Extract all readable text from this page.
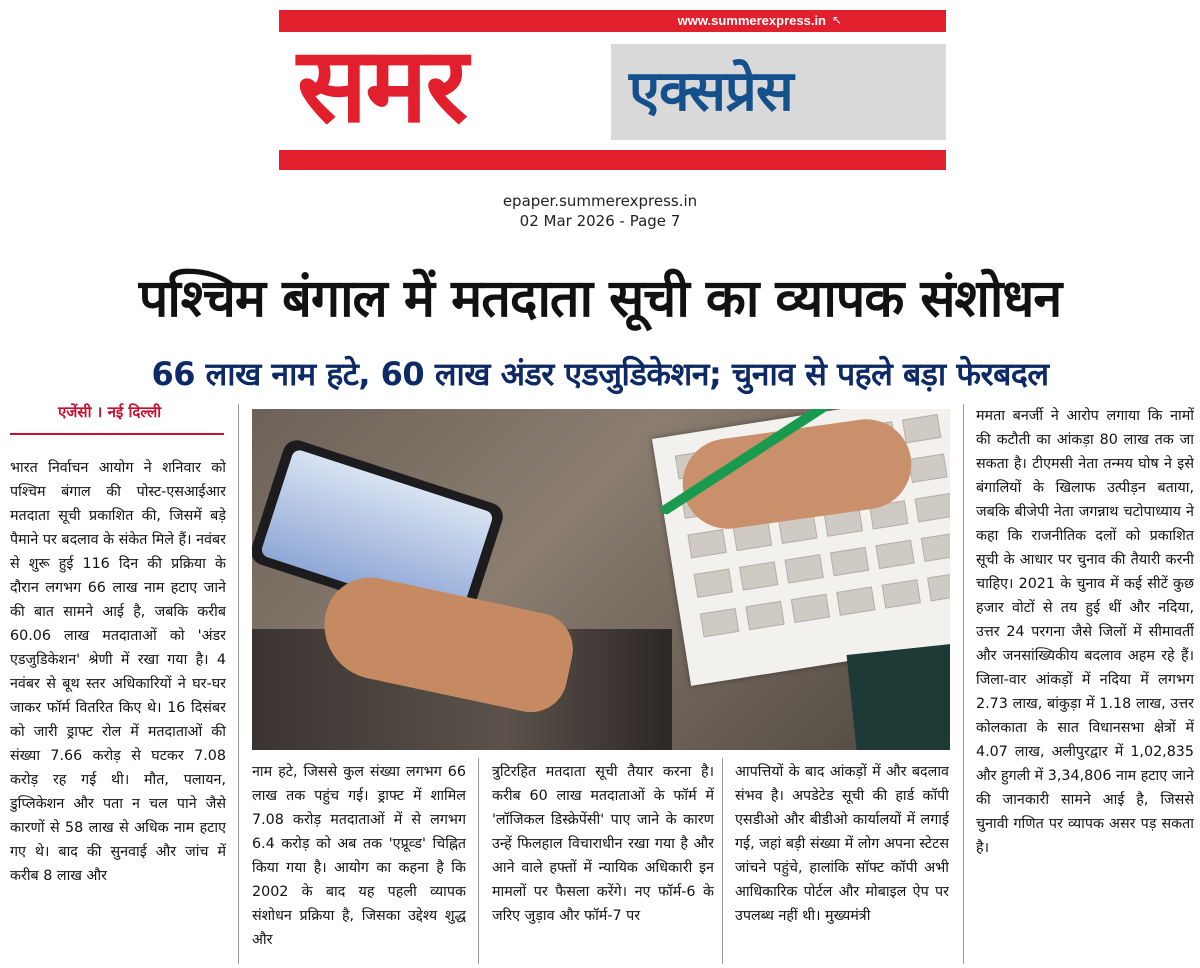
www.summerexpress.in ↖
समर	एक्सप्रेस
epaper.summerexpress.in
02 Mar 2026 - Page 7
पश्चिम बंगाल में मतदाता सूची का व्यापक संशोधन
66 लाख नाम हटे, 60 लाख अंडर एडजुडिकेशन; चुनाव से पहले बड़ा फेरबदल
एजेंसी । नई दिल्ली

भारत निर्वाचन आयोग ने शनिवार को पश्चिम बंगाल की पोस्ट-एसआईआर मतदाता सूची प्रकाशित की, जिसमें बड़े पैमाने पर बदलाव के संकेत मिले हैं। नवंबर से शुरू हुई 116 दिन की प्रक्रिया के दौरान लगभग 66 लाख नाम हटाए जाने की बात सामने आई है, जबकि करीब 60.06 लाख मतदाताओं को 'अंडर एडजुडिकेशन' श्रेणी में रखा गया है। 4 नवंबर से बूथ स्तर अधिकारियों ने घर-घर जाकर फॉर्म वितरित किए थे। 16 दिसंबर को जारी ड्राफ्ट रोल में मतदाताओं की संख्या 7.66 करोड़ से घटकर 7.08 करोड़ रह गई थी। मौत, पलायन, डुप्लिकेशन और पता न चल पाने जैसे कारणों से 58 लाख से अधिक नाम हटाए गए थे। बाद की सुनवाई और जांच में करीब 8 लाख और

नाम हटे, जिससे कुल संख्या लगभग 66 लाख तक पहुंच गई। ड्राफ्ट में शामिल 7.08 करोड़ मतदाताओं में से लगभग 6.4 करोड़ को अब तक 'एप्रूव्ड' चिह्नित किया गया है। आयोग का कहना है कि 2002 के बाद यह पहली व्यापक संशोधन प्रक्रिया है, जिसका उद्देश्य शुद्ध और

त्रुटिरहित मतदाता सूची तैयार करना है। करीब 60 लाख मतदाताओं के फॉर्म में 'लॉजिकल डिस्क्रेपेंसी' पाए जाने के कारण उन्हें फिलहाल विचाराधीन रखा गया है और आने वाले हफ्तों में न्यायिक अधिकारी इन मामलों पर फैसला करेंगे। नए फॉर्म-6 के जरिए जुड़ाव और फॉर्म-7 पर

आपत्तियों के बाद आंकड़ों में और बदलाव संभव है। अपडेटेड सूची की हार्ड कॉपी एसडीओ और बीडीओ कार्यालयों में लगाई गई, जहां बड़ी संख्या में लोग अपना स्टेटस जांचने पहुंचे, हालांकि सॉफ्ट कॉपी अभी आधिकारिक पोर्टल और मोबाइल ऐप पर उपलब्ध नहीं थी। मुख्यमंत्री

ममता बनर्जी ने आरोप लगाया कि नामों की कटौती का आंकड़ा 80 लाख तक जा सकता है। टीएमसी नेता तन्मय घोष ने इसे बंगालियों के खिलाफ उत्पीड़न बताया, जबकि बीजेपी नेता जगन्नाथ चटोपाध्याय ने कहा कि राजनीतिक दलों को प्रकाशित सूची के आधार पर चुनाव की तैयारी करनी चाहिए। 2021 के चुनाव में कई सीटें कुछ हजार वोटों से तय हुई थीं और नदिया, उत्तर 24 परगना जैसे जिलों में सीमावर्ती और जनसांख्यिकीय बदलाव अहम रहे हैं। जिला-वार आंकड़ों में नदिया में लगभग 2.73 लाख, बांकुड़ा में 1.18 लाख, उत्तर कोलकाता के सात विधानसभा क्षेत्रों में 4.07 लाख, अलीपुरद्वार में 1,02,835 और हुगली में 3,34,806 नाम हटाए जाने की जानकारी सामने आई है, जिससे चुनावी गणित पर व्यापक असर पड़ सकता है।
